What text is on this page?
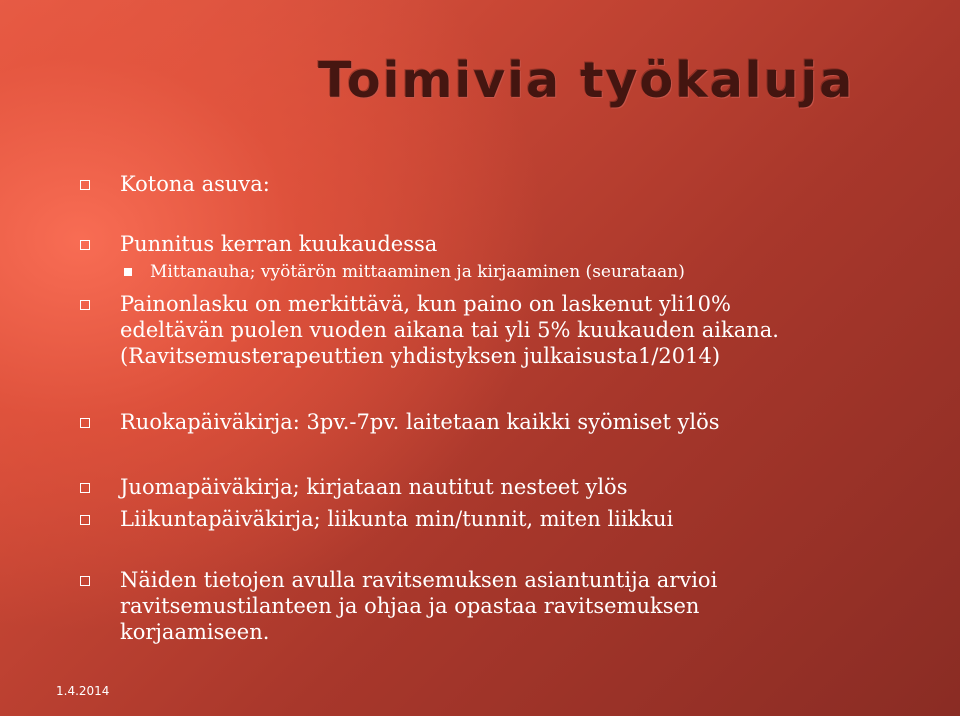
Toimivia työkaluja
Kotona asuva:
Punnitus kerran kuukaudessa
Mittanauha; vyötärön mittaaminen ja kirjaaminen (seurataan)
Painonlasku on merkittävä, kun paino on laskenut yli10%
edeltävän puolen vuoden aikana tai yli 5% kuukauden aikana.
(Ravitsemusterapeuttien yhdistyksen julkaisusta1/2014)
Ruokapäiväkirja: 3pv.-7pv. laitetaan kaikki syömiset ylös
Juomapäiväkirja; kirjataan nautitut nesteet ylös
Liikuntapäiväkirja; liikunta min/tunnit, miten liikkui
Näiden tietojen avulla ravitsemuksen asiantuntija arvioi
ravitsemustilanteen ja ohjaa ja opastaa ravitsemuksen
korjaamiseen.
1.4.2014
